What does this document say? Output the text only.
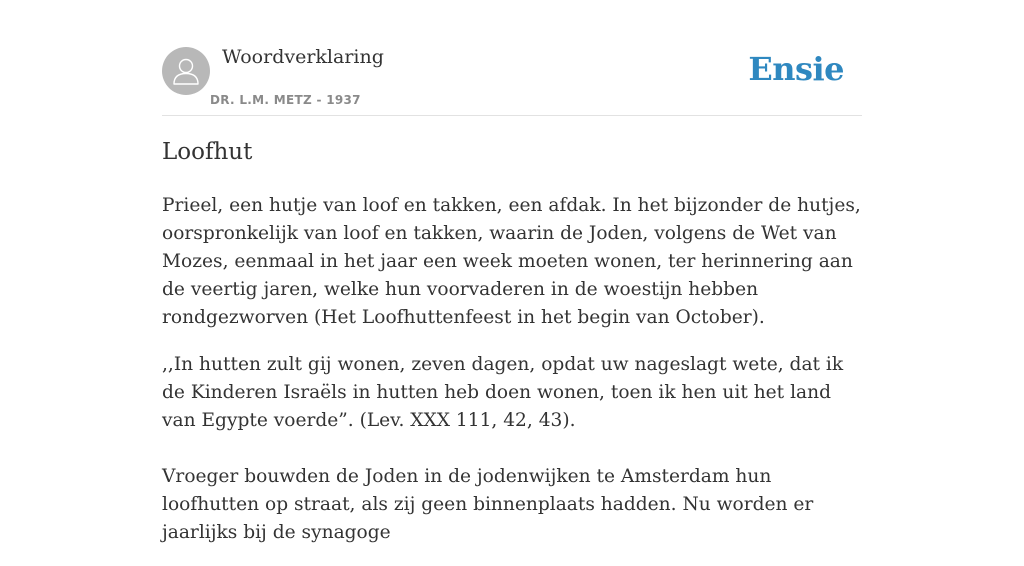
Woordverklaring
DR. L.M. METZ - 1937
Ensie
Loofhut

Prieel, een hutje van loof en takken, een afdak. In het bijzonder de hutjes, oorspronkelijk van loof en takken, waarin de Joden, volgens de Wet van Mozes, eenmaal in het jaar een week moeten wonen, ter herinnering aan de veertig jaren, welke hun voorvaderen in de woestijn hebben rondgezworven (Het Loofhuttenfeest in het begin van October).

,,In hutten zult gij wonen, zeven dagen, opdat uw nageslagt wete, dat ik de Kinderen Israëls in hutten heb doen wonen, toen ik hen uit het land van Egypte voerde”. (Lev. XXX 111, 42, 43).

Vroeger bouwden de Joden in de jodenwijken te Amsterdam hun loofhutten op straat, als zij geen binnenplaats hadden. Nu worden er jaarlijks bij de synagoge
